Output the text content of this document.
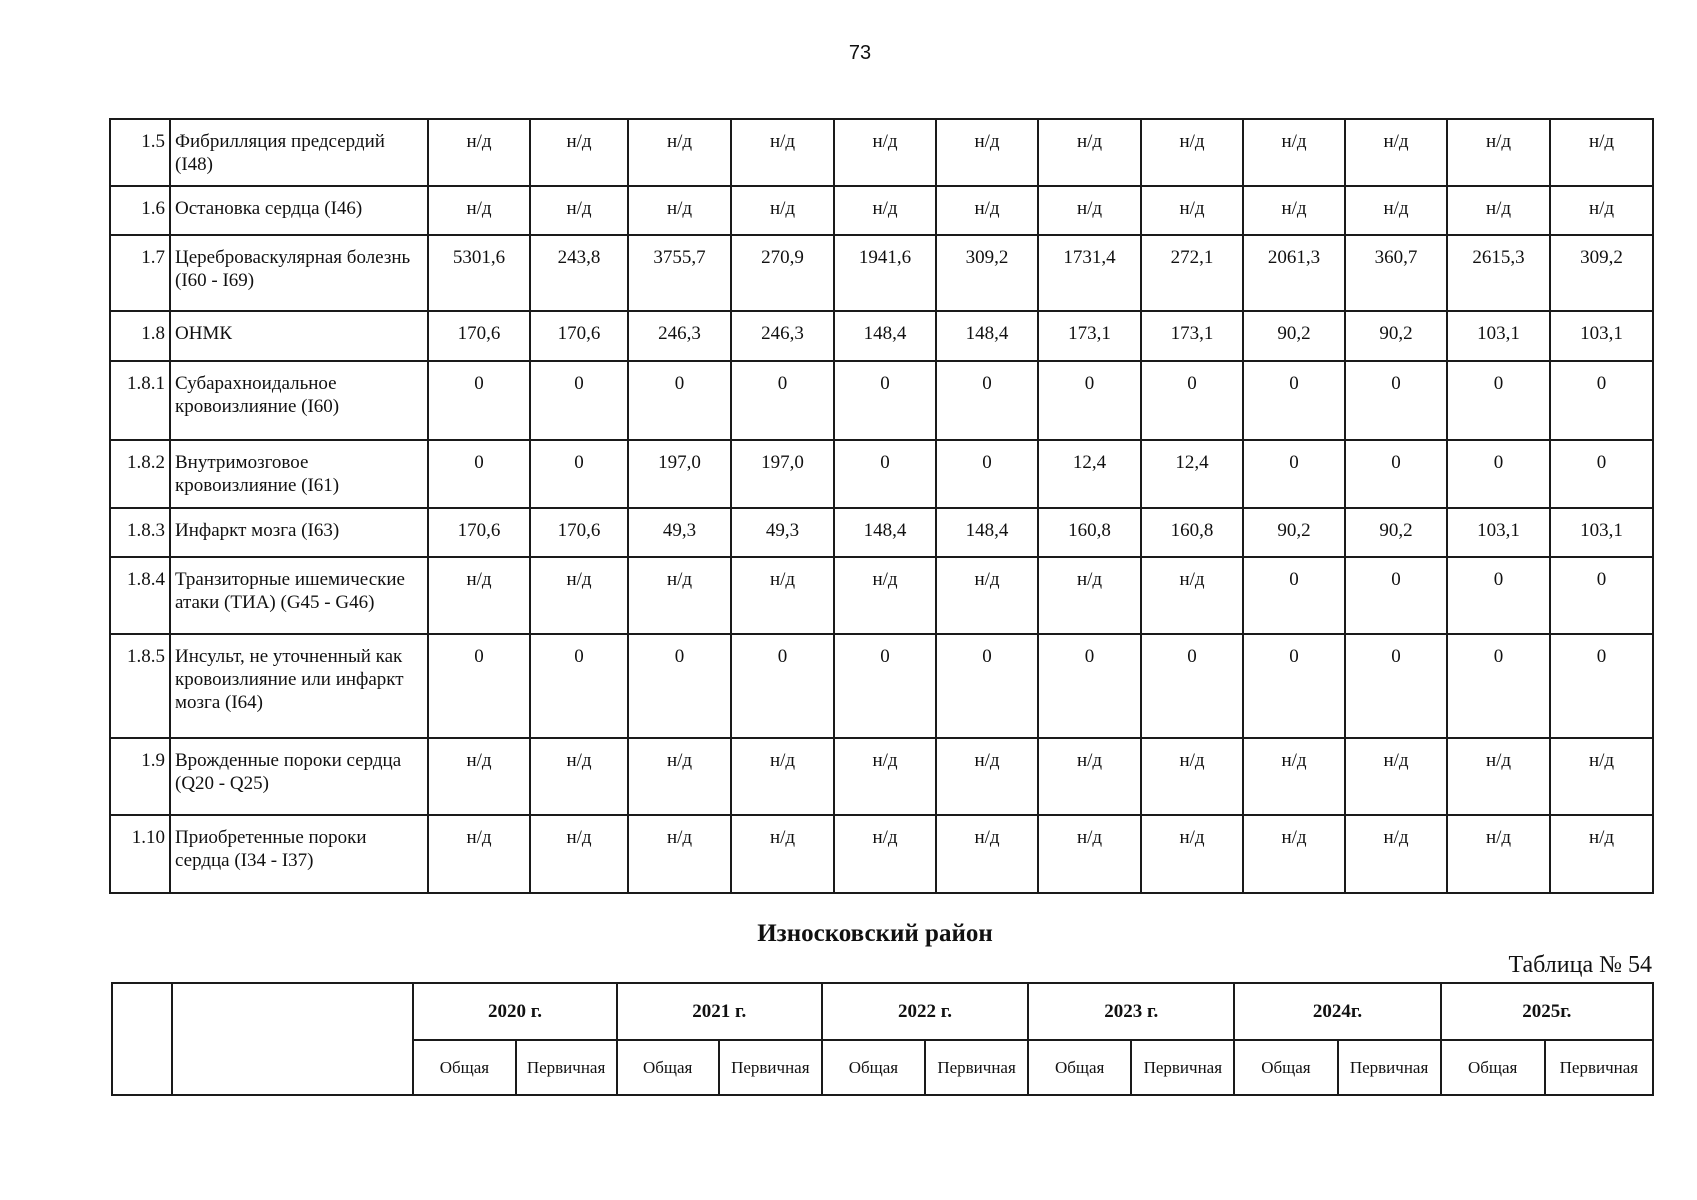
73
1.5	Фибрилляция предсердий (I48)	н/д	н/д	н/д	н/д	н/д	н/д	н/д	н/д	н/д	н/д	н/д	н/д
1.6	Остановка сердца (I46)	н/д	н/д	н/д	н/д	н/д	н/д	н/д	н/д	н/д	н/д	н/д	н/д
1.7	Цереброваскулярная болезнь (I60 - I69)	5301,6	243,8	3755,7	270,9	1941,6	309,2	1731,4	272,1	2061,3	360,7	2615,3	309,2
1.8	ОНМК	170,6	170,6	246,3	246,3	148,4	148,4	173,1	173,1	90,2	90,2	103,1	103,1
1.8.1	Субарахноидальное кровоизлияние (I60)	0	0	0	0	0	0	0	0	0	0	0	0
1.8.2	Внутримозговое кровоизлияние (I61)	0	0	197,0	197,0	0	0	12,4	12,4	0	0	0	0
1.8.3	Инфаркт мозга (I63)	170,6	170,6	49,3	49,3	148,4	148,4	160,8	160,8	90,2	90,2	103,1	103,1
1.8.4	Транзиторные ишемические атаки (ТИА) (G45 - G46)	н/д	н/д	н/д	н/д	н/д	н/д	н/д	н/д	0	0	0	0
1.8.5	Инсульт, не уточненный как кровоизлияние или инфаркт мозга (I64)	0	0	0	0	0	0	0	0	0	0	0	0
1.9	Врожденные пороки сердца (Q20 - Q25)	н/д	н/д	н/д	н/д	н/д	н/д	н/д	н/д	н/д	н/д	н/д	н/д
1.10	Приобретенные пороки сердца (I34 - I37)	н/д	н/д	н/д	н/д	н/д	н/д	н/д	н/д	н/д	н/д	н/д	н/д
Износковский район
Таблица № 54
		2020 г.		2021 г.		2022 г.		2023 г.		2024г.		2025г.	
		Общая	Первичная	Общая	Первичная	Общая	Первичная	Общая	Первичная	Общая	Первичная	Общая	Первичная
